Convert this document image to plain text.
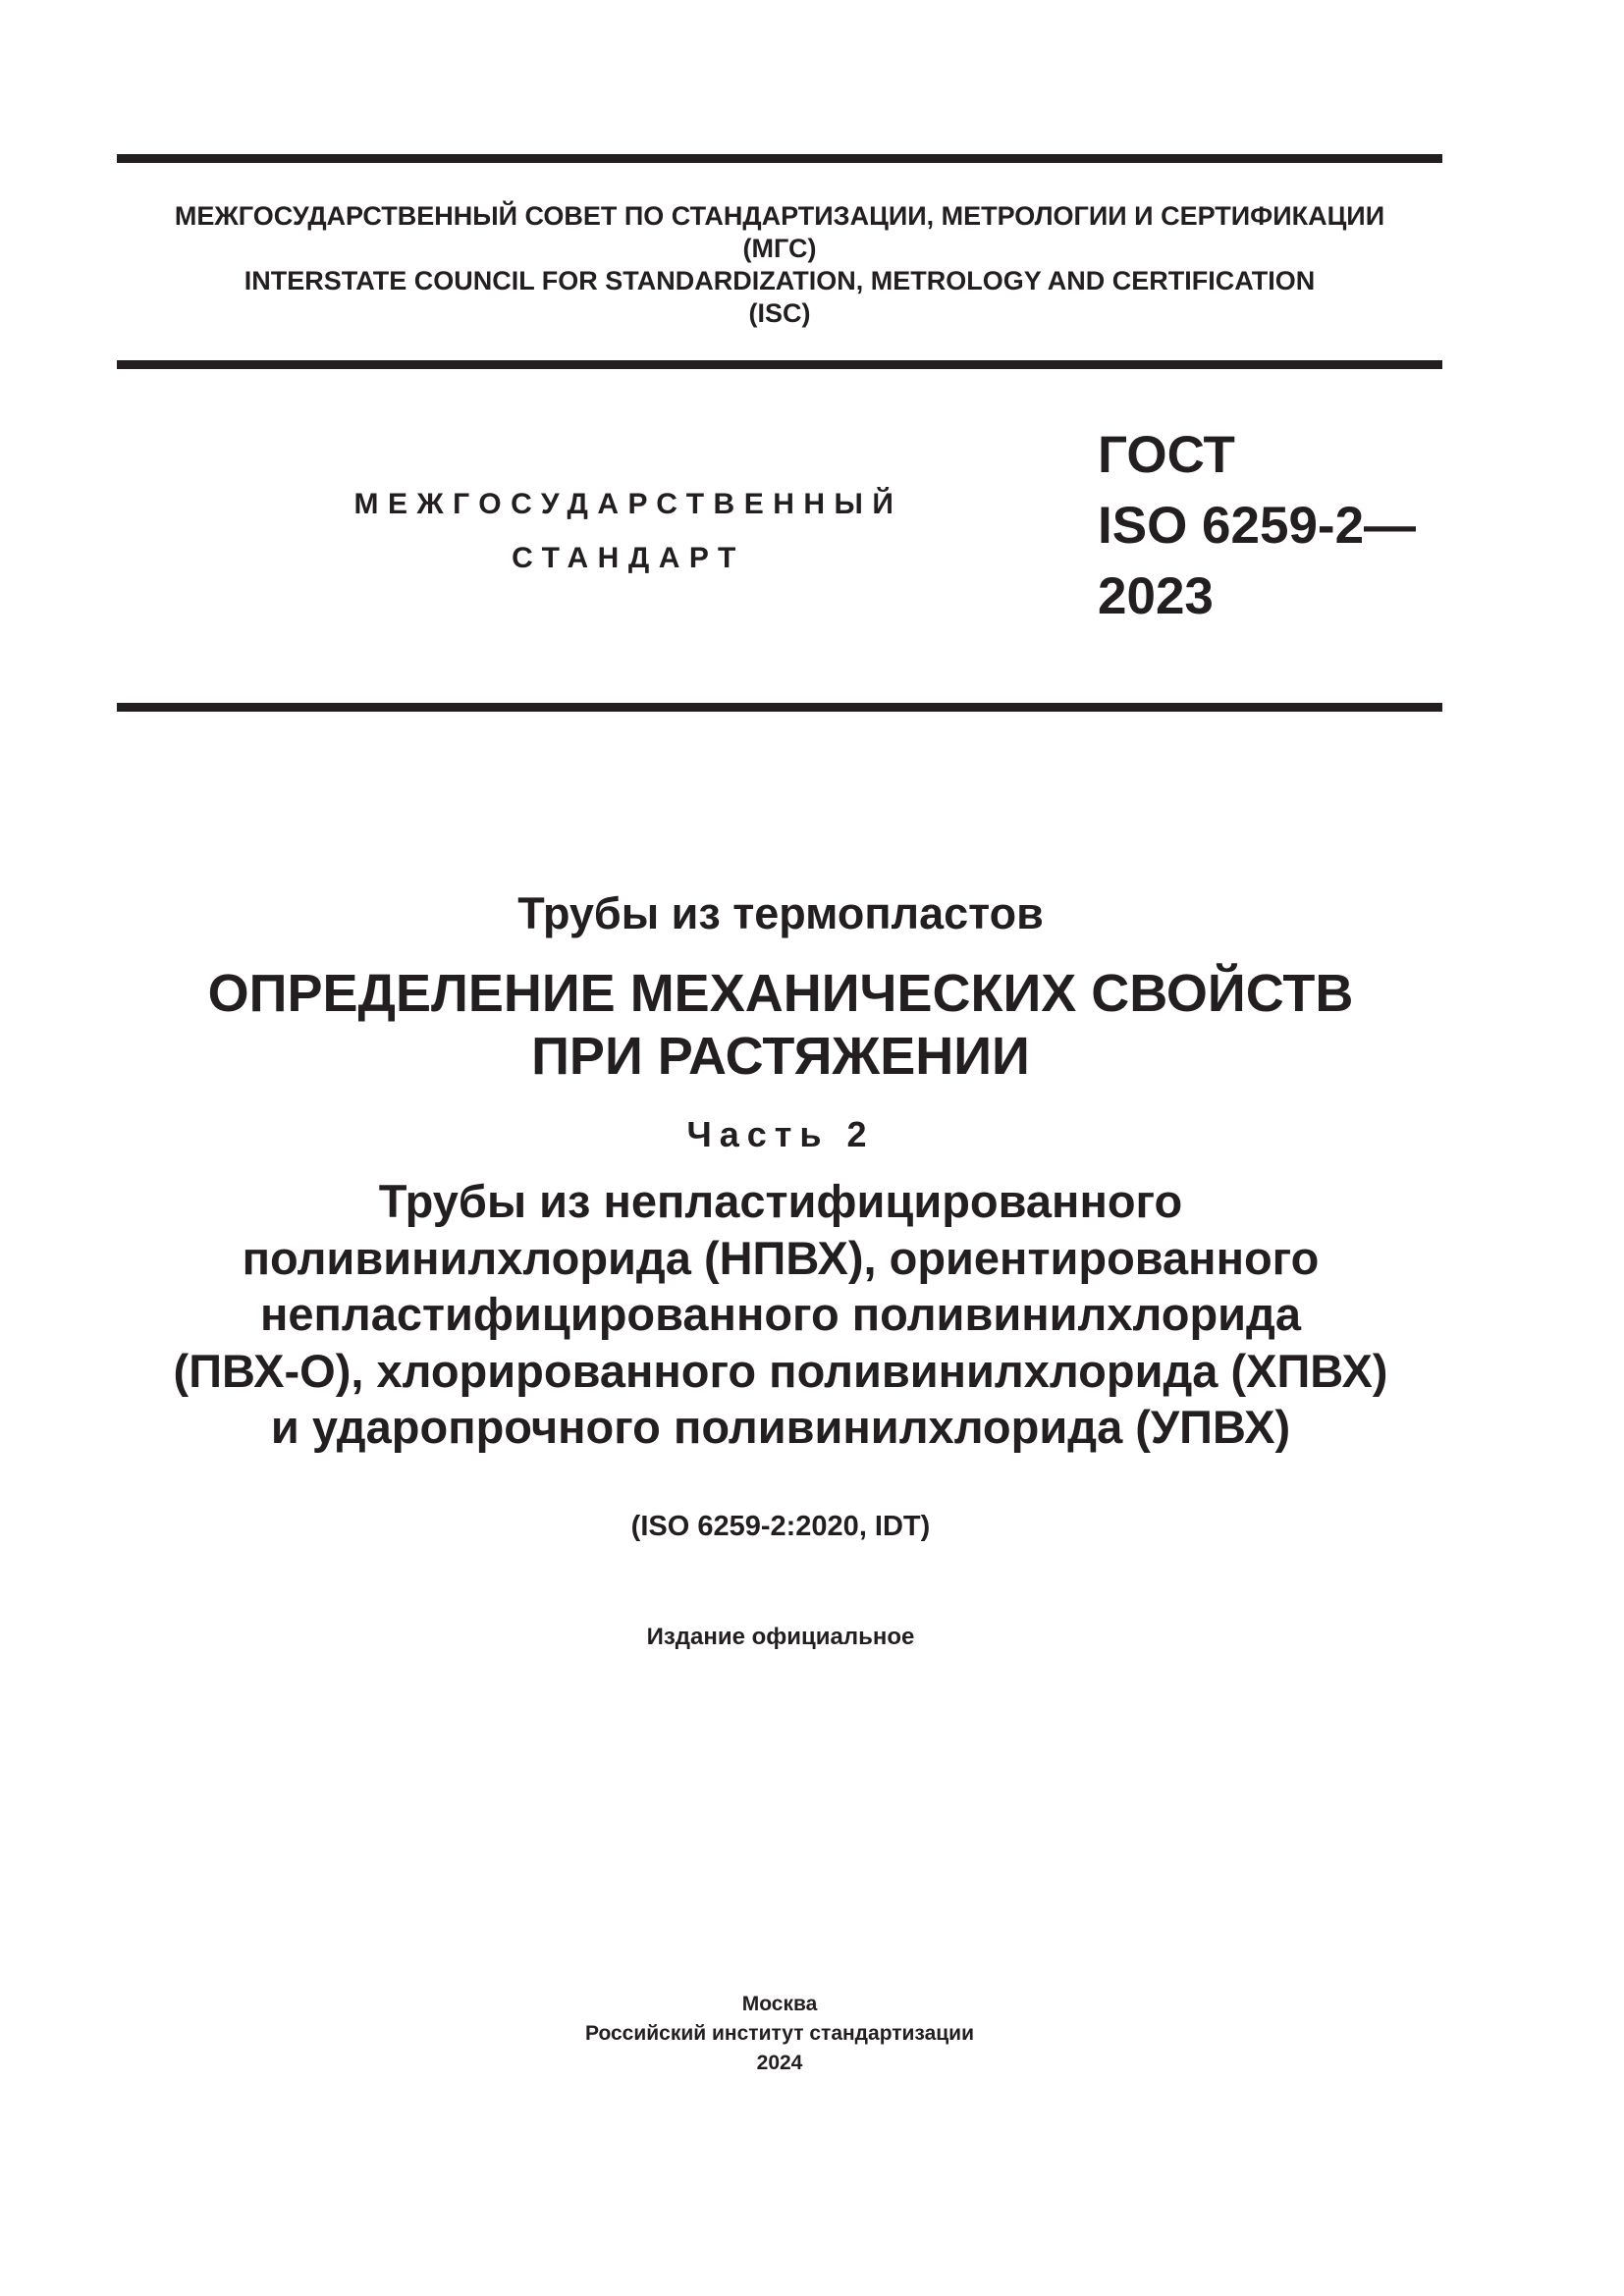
МЕЖГОСУДАРСТВЕННЫЙ СОВЕТ ПО СТАНДАРТИЗАЦИИ, МЕТРОЛОГИИ И СЕРТИФИКАЦИИ
(МГС)
INTERSTATE COUNCIL FOR STANDARDIZATION, METROLOGY AND CERTIFICATION
(ISC)
МЕЖГОСУДАРСТВЕННЫЙ
СТАНДАРТ
ГОСТ
ISO 6259-2—
2023
Трубы из термопластов
ОПРЕДЕЛЕНИЕ МЕХАНИЧЕСКИХ СВОЙСТВ
ПРИ РАСТЯЖЕНИИ
Часть 2
Трубы из непластифицированного
поливинилхлорида (НПВХ), ориентированного
непластифицированного поливинилхлорида
(ПВХ-О), хлорированного поливинилхлорида (ХПВХ)
и ударопрочного поливинилхлорида (УПВХ)
(ISO 6259-2:2020, IDT)
Издание официальное
Москва
Российский институт стандартизации
2024
